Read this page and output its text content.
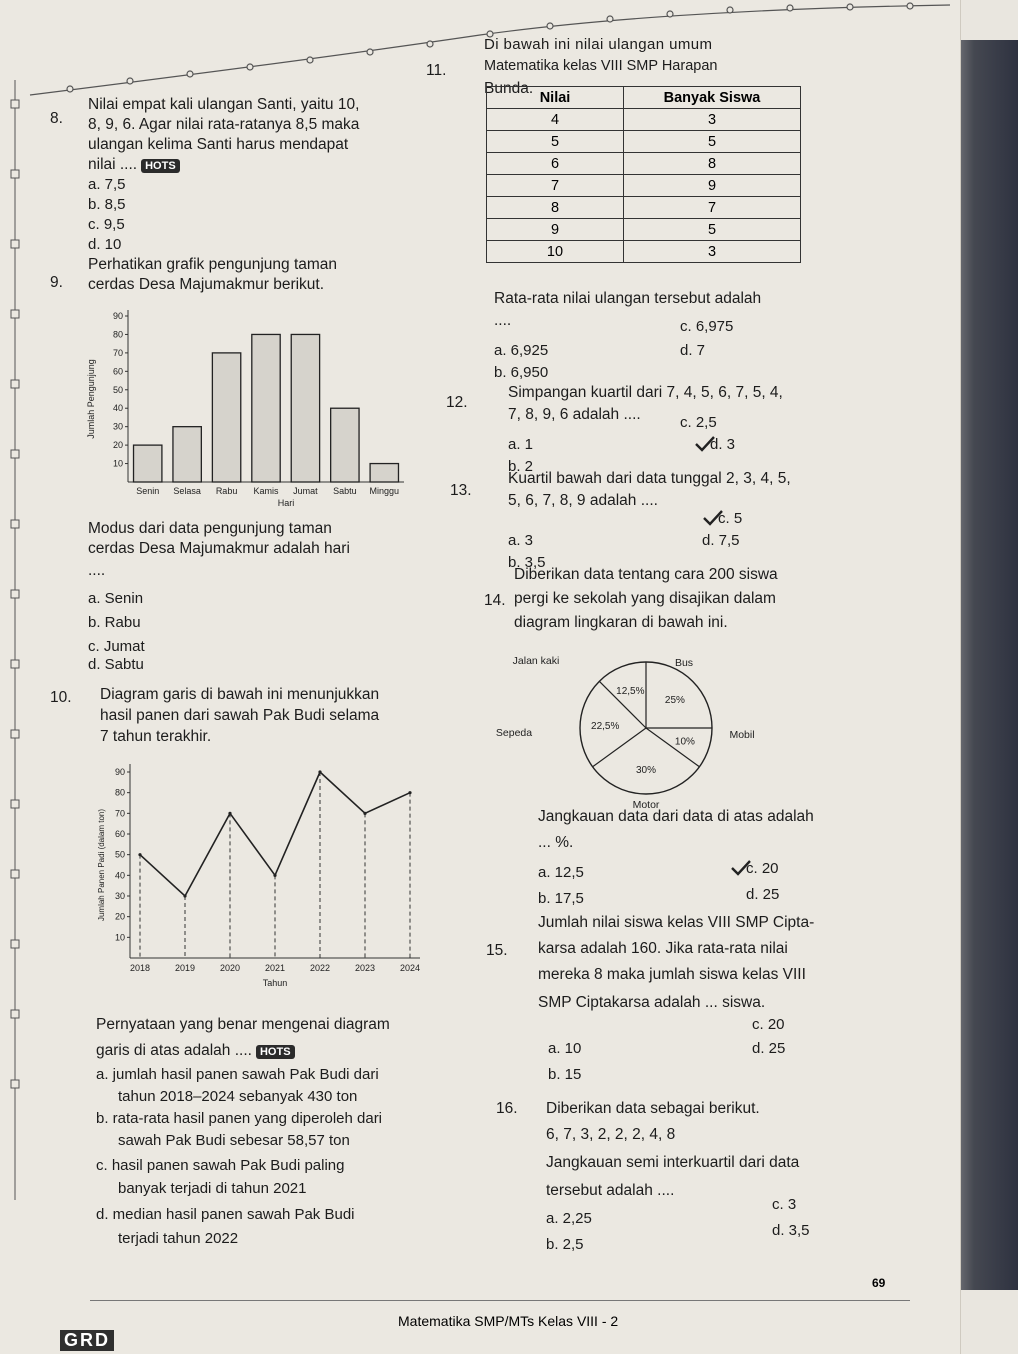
8.
Nilai empat kali ulangan Santi, yaitu 10,
8, 9, 6. Agar nilai rata-ratanya 8,5 maka
ulangan kelima Santi harus mendapat
nilai .... HOTS
a. 7,5
b. 8,5
c. 9,5
d. 10
9.
Perhatikan grafik pengunjung taman
cerdas Desa Majumakmur berikut.
10
20
30
40
50
60
70
80
90
Senin Selasa Rabu Kamis Jumat Sabtu Minggu
Hari
Jumlah Pengunjung
Modus dari data pengunjung taman
cerdas Desa Majumakmur adalah hari
....
a. Senin
b. Rabu
c. Jumat
d. Sabtu
10. Diagram garis di bawah ini menunjukkan
hasil panen dari sawah Pak Budi selama
7 tahun terakhir.
10
20
30
40
50
60
70
80
90
2018	2019	2020	2021	2022	2023	2024
Tahun
Jumlah Panen Padi (dalam ton)
Pernyataan yang benar mengenai diagram
garis di atas adalah .... HOTS
a. jumlah hasil panen sawah Pak Budi dari
tahun 2018–2024 sebanyak 430 ton
b. rata-rata hasil panen yang diperoleh dari
sawah Pak Budi sebesar 58,57 ton
c. hasil panen sawah Pak Budi paling
banyak terjadi di tahun 2021
d. median hasil panen sawah Pak Budi
terjadi tahun 2022
11.
Di bawah ini nilai ulangan umum
Matematika kelas VIII SMP Harapan
Bunda.
Nilai	Banyak Siswa
4	3
5	5
6	8
7	9
8	7
9	5
10	3
Rata-rata nilai ulangan tersebut adalah
....
a. 6,925
b. 6,950
c. 6,975
d. 7
12.
Simpangan kuartil dari 7, 4, 5, 6, 7, 5, 4,
7, 8, 9, 6 adalah ....
a. 1
b. 2
c. 2,5
d. 3
13.
Kuartil bawah dari data tunggal 2, 3, 4, 5,
5, 6, 7, 8, 9 adalah ....
a. 3
b. 3,5
c. 5
d. 7,5
14.
Diberikan data tentang cara 200 siswa
pergi ke sekolah yang disajikan dalam
diagram lingkaran di bawah ini.
25%
Bus
10%
Mobil
30%
Motor
22,5%
Sepeda
12,5%
Jalan kaki
Jangkauan data dari data di atas adalah
... %.
a. 12,5
b. 17,5
c. 20
d. 25
15.
Jumlah nilai siswa kelas VIII SMP Cipta-
karsa adalah 160. Jika rata-rata nilai
mereka 8 maka jumlah siswa kelas VIII
SMP Ciptakarsa adalah ... siswa.
a. 10
b. 15
c. 20
d. 25
16. Diberikan data sebagai berikut.
6, 7, 3, 2, 2, 2, 4, 8
Jangkauan semi interkuartil dari data
tersebut adalah ....
a. 2,25
b. 2,5
c. 3
d. 3,5
69
Matematika SMP/MTs Kelas VIII - 2
GRD
